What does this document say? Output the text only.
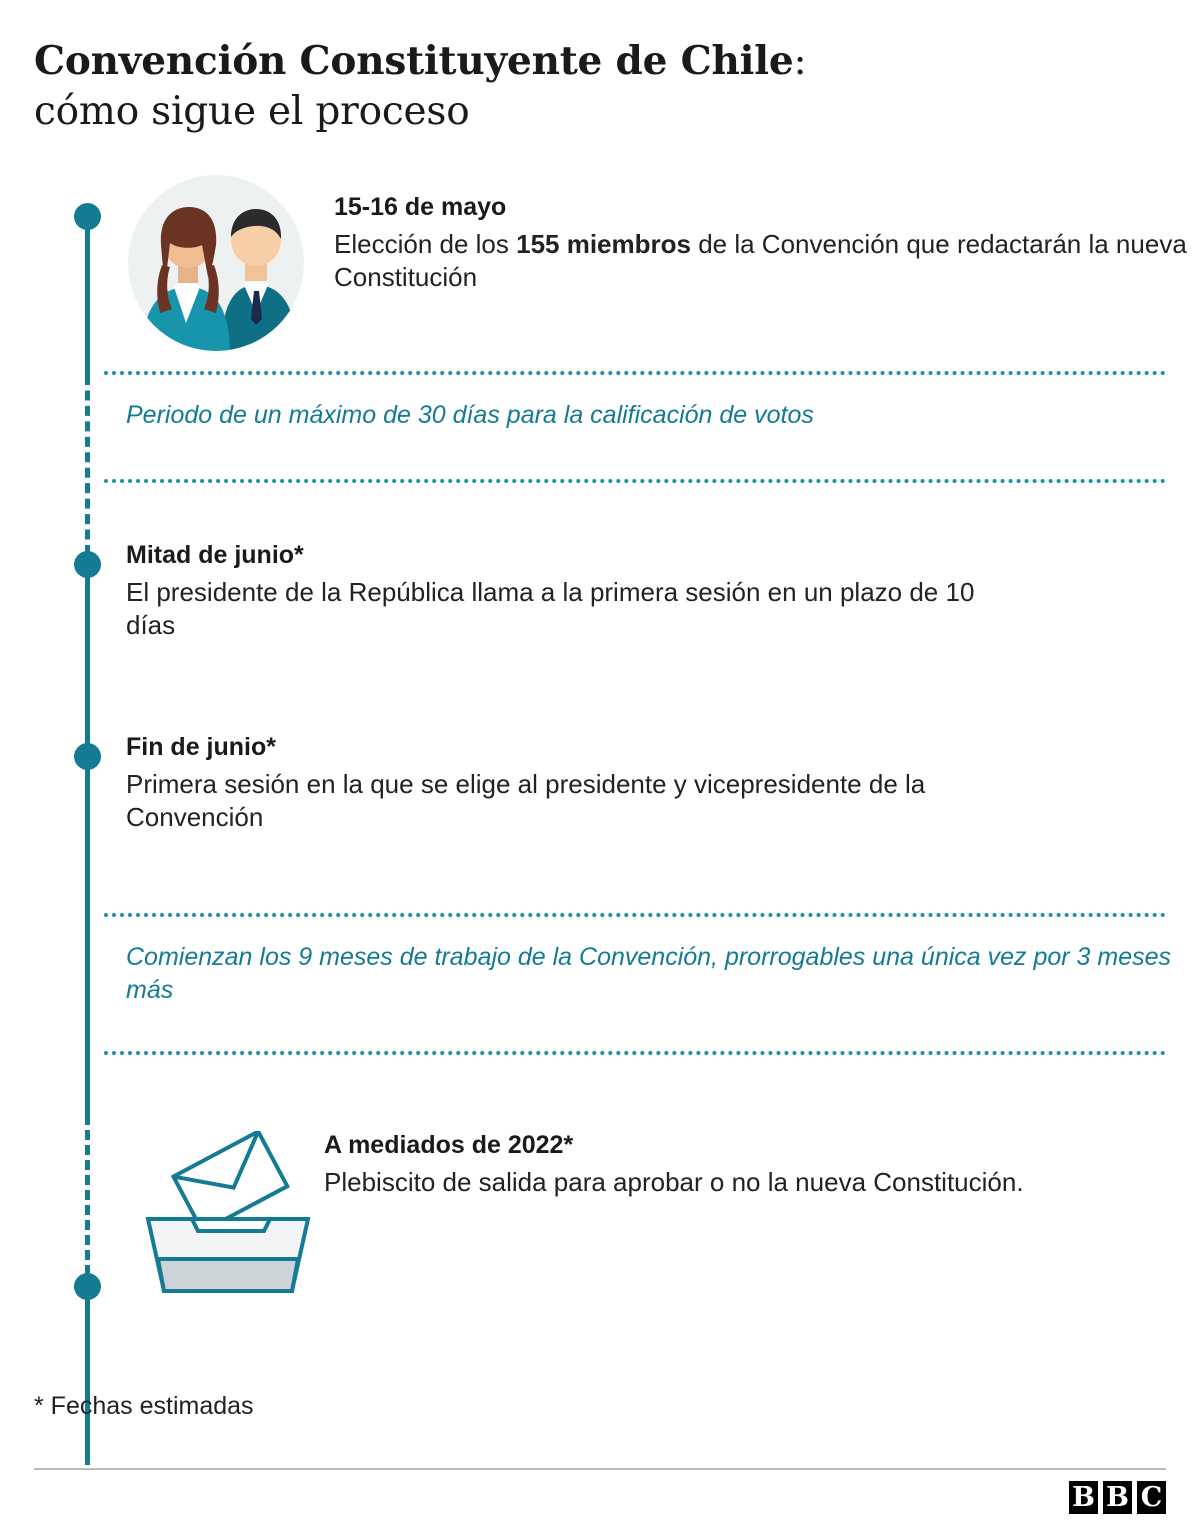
Convención Constituyente de Chile:
cómo sigue el proceso
15-16 de mayo
Elección de los 155 miembros de la Convención que redactarán la nueva Constitución
Periodo de un máximo de 30 días para la calificación de votos
Mitad de junio*
El presidente de la República llama a la primera sesión en un plazo de 10 días
Fin de junio*
Primera sesión en la que se elige al presidente y vicepresidente de la Convención
Comienzan los 9 meses de trabajo de la Convención, prorrogables una única vez por 3 meses más
A mediados de 2022*
Plebiscito de salida para aprobar o no la nueva Constitución.
* Fechas estimadas
B B C
